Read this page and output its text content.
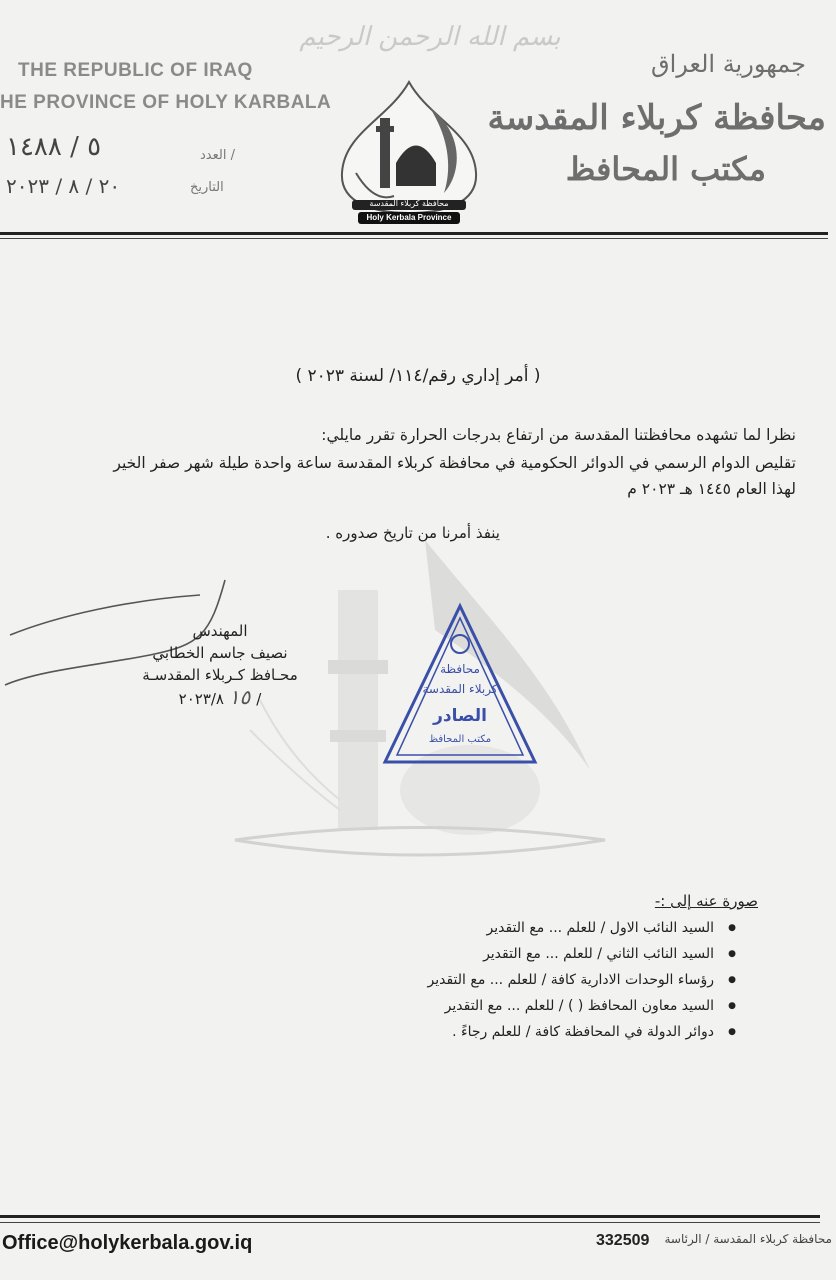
بسم الله الرحمن الرحيم
THE REPUBLIC OF IRAQ
HE PROVINCE OF HOLY KARBALA
جمهورية العراق
محافظة كربلاء المقدسة
مكتب المحافظ
العدد /
٥ / ١٤٨٨
التاريخ
٢٠ / ٨ / ٢٠٢٣
محافظة كربلاء المقدسة
Holy Kerbala Province
( أمر إداري رقم/١١٤/ لسنة ٢٠٢٣ )
نظرا لما تشهده محافظتنا المقدسة من ارتفاع بدرجات الحرارة تقرر مايلي:
تقليص الدوام الرسمي في الدوائر الحكومية في محافظة كربلاء المقدسة ساعة واحدة طيلة شهر صفر الخير
لهذا العام ١٤٤٥ هـ ٢٠٢٣ م
ينفذ أمرنا من تاريخ صدوره .
المهندس
نصيف جاسم الخطابي
محـافظ كـربلاء المقدسـة
١٥ ٢٠٢٣/٨/
محافظة
كربلاء المقدسة
الصادر
مكتب المحافظ
صورة عنه إلى :-
● السيد النائب الاول / للعلم ... مع التقدير
● السيد النائب الثاني / للعلم ... مع التقدير
● رؤساء الوحدات الادارية كافة / للعلم ... مع التقدير
● السيد معاون المحافظ ( ) / للعلم ... مع التقدير
● دوائر الدولة في المحافظة كافة / للعلم رجاءً .
Office@holykerbala.gov.iq	332509 محافظة كربلاء المقدسة / الرئاسة
